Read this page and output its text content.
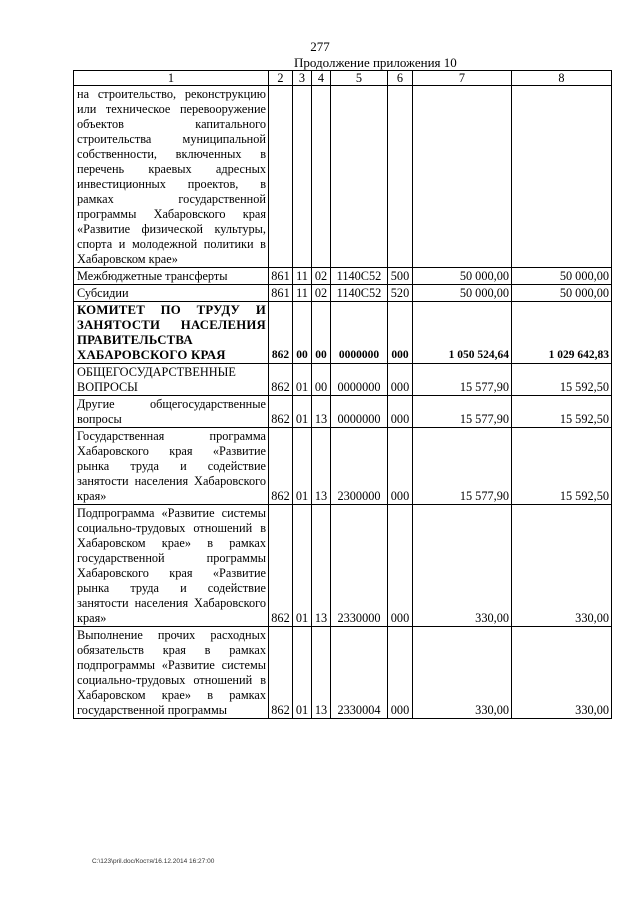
277
Продолжение приложения 10
1	2	3	4	5	6	7	8
на строительство, реконструкцию или техническое перевооружение объектов капитального строительства муниципальной собственности, включенных в перечень краевых адресных инвестиционных проектов, в рамках государственной программы Хабаровского края «Развитие физической культуры, спорта и молодежной политики в Хабаровском крае»							
Межбюджетные трансферты	861	11	02	1140С52	500	50 000,00	50 000,00
Субсидии	861	11	02	1140С52	520	50 000,00	50 000,00
КОМИТЕТ ПО ТРУДУ И ЗАНЯТОСТИ НАСЕЛЕНИЯ ПРАВИТЕЛЬСТВА ХАБАРОВСКОГО КРАЯ	862	00	00	0000000	000	1 050 524,64	1 029 642,83
ОБЩЕГОСУДАРСТВЕННЫЕ ВОПРОСЫ	862	01	00	0000000	000	15 577,90	15 592,50
Другие общегосударственные вопросы	862	01	13	0000000	000	15 577,90	15 592,50
Государственная программа Хабаровского края «Развитие рынка труда и содействие занятости населения Хабаровского края»	862	01	13	2300000	000	15 577,90	15 592,50
Подпрограмма «Развитие системы социально-трудовых отношений в Хабаровском крае» в рамках государственной программы Хабаровского края «Развитие рынка труда и содействие занятости населения Хабаровского края»	862	01	13	2330000	000	330,00	330,00
Выполнение прочих расходных обязательств края в рамках подпрограммы «Развитие системы социально-трудовых отношений в Хабаровском крае» в рамках государственной программы	862	01	13	2330004	000	330,00	330,00
C:\123\pril.doc/Костя/16.12.2014 16:27:00
